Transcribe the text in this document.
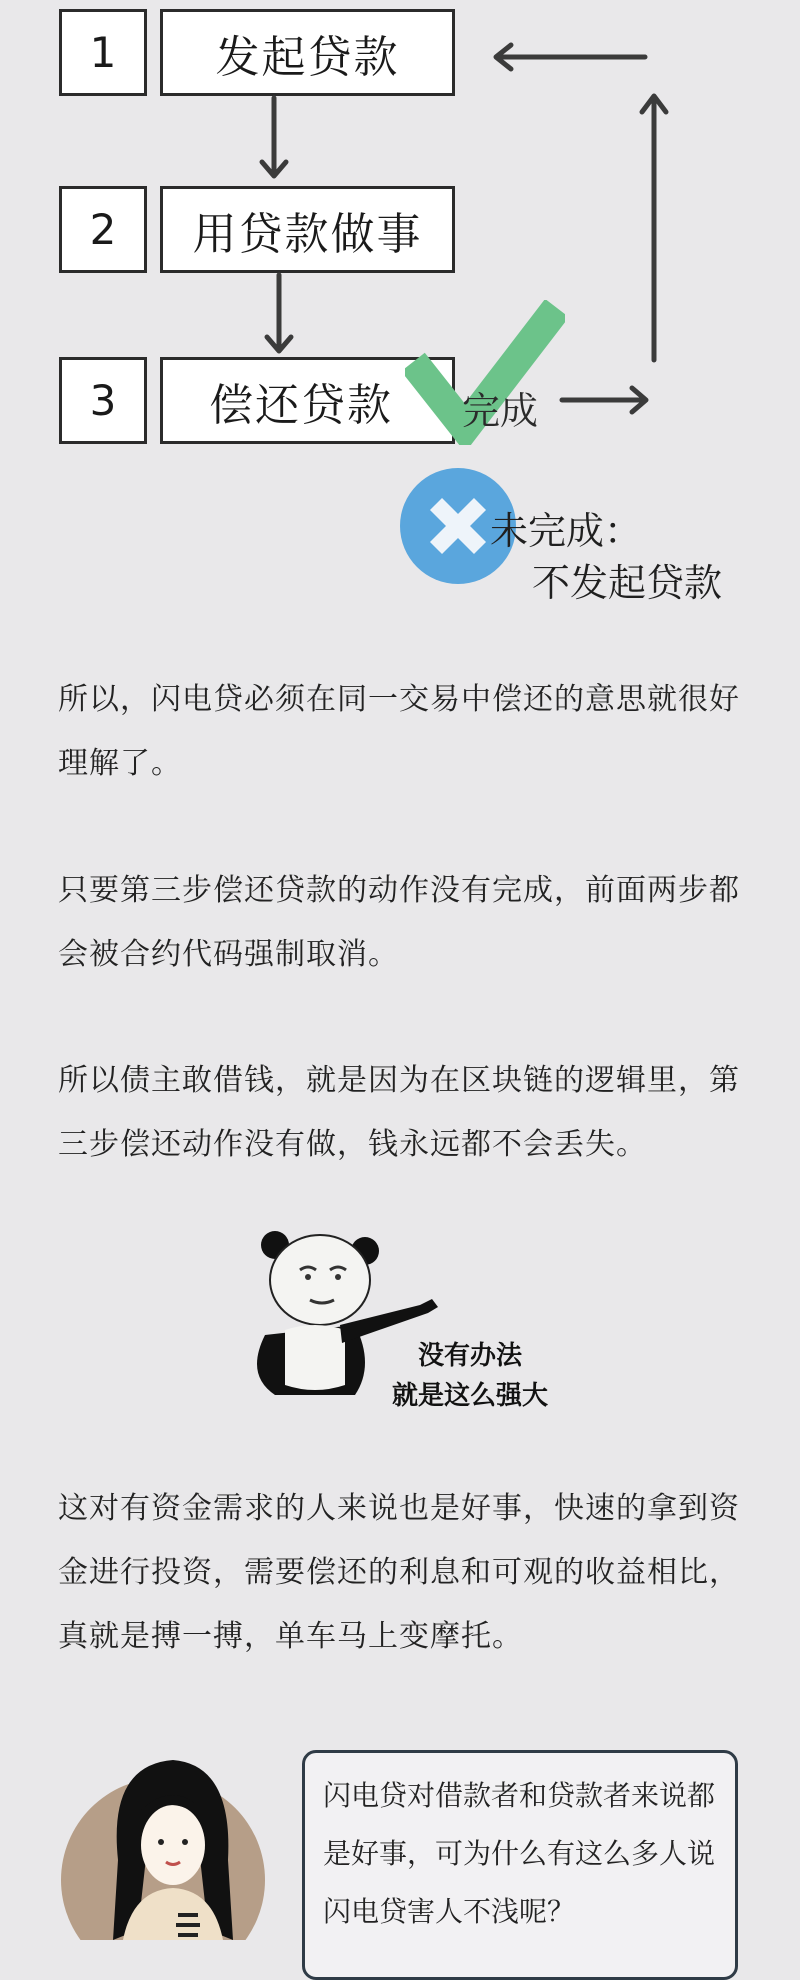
1 发起贷款
2 用贷款做事
3 偿还贷款 完成
未完成：
不发起贷款
所以，闪电贷必须在同一交易中偿还的意思就很好理解了。
只要第三步偿还贷款的动作没有完成，前面两步都会被合约代码强制取消。
所以债主敢借钱，就是因为在区块链的逻辑里，第三步偿还动作没有做，钱永远都不会丢失。
没有办法
就是这么强大
这对有资金需求的人来说也是好事，快速的拿到资金进行投资，需要偿还的利息和可观的收益相比，真就是搏一搏，单车马上变摩托。
闪电贷对借款者和贷款者来说都是好事，可为什么有这么多人说闪电贷害人不浅呢？
